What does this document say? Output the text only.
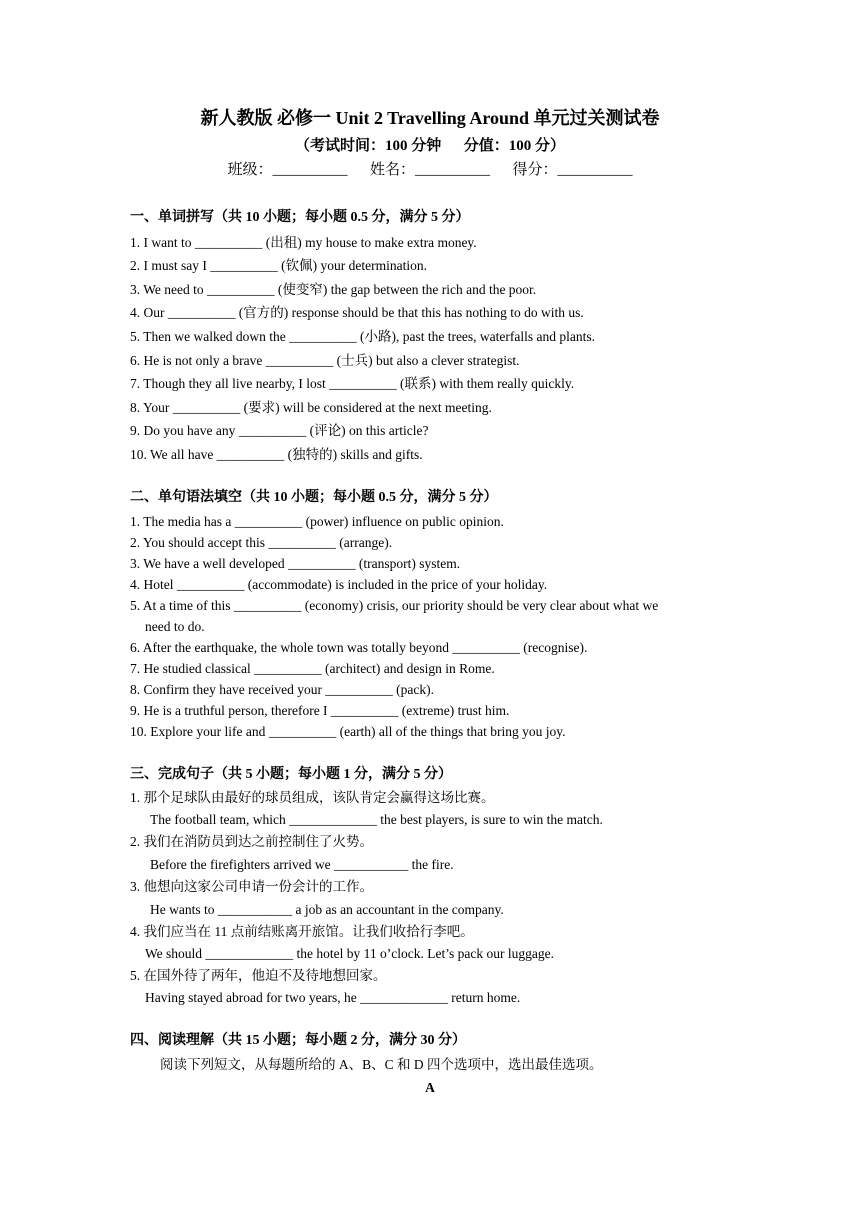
新人教版 必修一 Unit 2 Travelling Around 单元过关测试卷
（考试时间：100 分钟      分值：100 分）
班级：__________      姓名：__________      得分：__________
一、单词拼写（共 10 小题；每小题 0.5 分，满分 5 分）
1. I want to __________ (出租) my house to make extra money.
2. I must say I __________ (钦佩) your determination.
3. We need to __________ (使变窄) the gap between the rich and the poor.
4. Our __________ (官方的) response should be that this has nothing to do with us.
5. Then we walked down the __________ (小路), past the trees, waterfalls and plants.
6. He is not only a brave __________ (士兵) but also a clever strategist.
7. Though they all live nearby, I lost __________ (联系) with them really quickly.
8. Your __________ (要求) will be considered at the next meeting.
9. Do you have any __________ (评论) on this article?
10. We all have __________ (独特的) skills and gifts.
二、单句语法填空（共 10 小题；每小题 0.5 分，满分 5 分）
1. The media has a __________ (power) influence on public opinion.
2. You should accept this __________ (arrange).
3. We have a well developed __________ (transport) system.
4. Hotel __________ (accommodate) is included in the price of your holiday.
5. At a time of this __________ (economy) crisis, our priority should be very clear about what we
need to do.
6. After the earthquake, the whole town was totally beyond __________ (recognise).
7. He studied classical __________ (architect) and design in Rome.
8. Confirm they have received your __________ (pack).
9. He is a truthful person, therefore I __________ (extreme) trust him.
10. Explore your life and __________ (earth) all of the things that bring you joy.
三、完成句子（共 5 小题；每小题 1 分，满分 5 分）
1. 那个足球队由最好的球员组成，该队肯定会赢得这场比赛。
The football team, which _____________ the best players, is sure to win the match.
2. 我们在消防员到达之前控制住了火势。
Before the firefighters arrived we ___________ the fire.
3. 他想向这家公司申请一份会计的工作。
He wants to ___________ a job as an accountant in the company.
4. 我们应当在 11 点前结账离开旅馆。让我们收拾行李吧。
We should _____________ the hotel by 11 o’clock. Let’s pack our luggage.
5. 在国外待了两年，他迫不及待地想回家。
Having stayed abroad for two years, he _____________ return home.
四、阅读理解（共 15 小题；每小题 2 分，满分 30 分）
阅读下列短文，从每题所给的 A、B、C 和 D 四个选项中，选出最佳选项。
A
